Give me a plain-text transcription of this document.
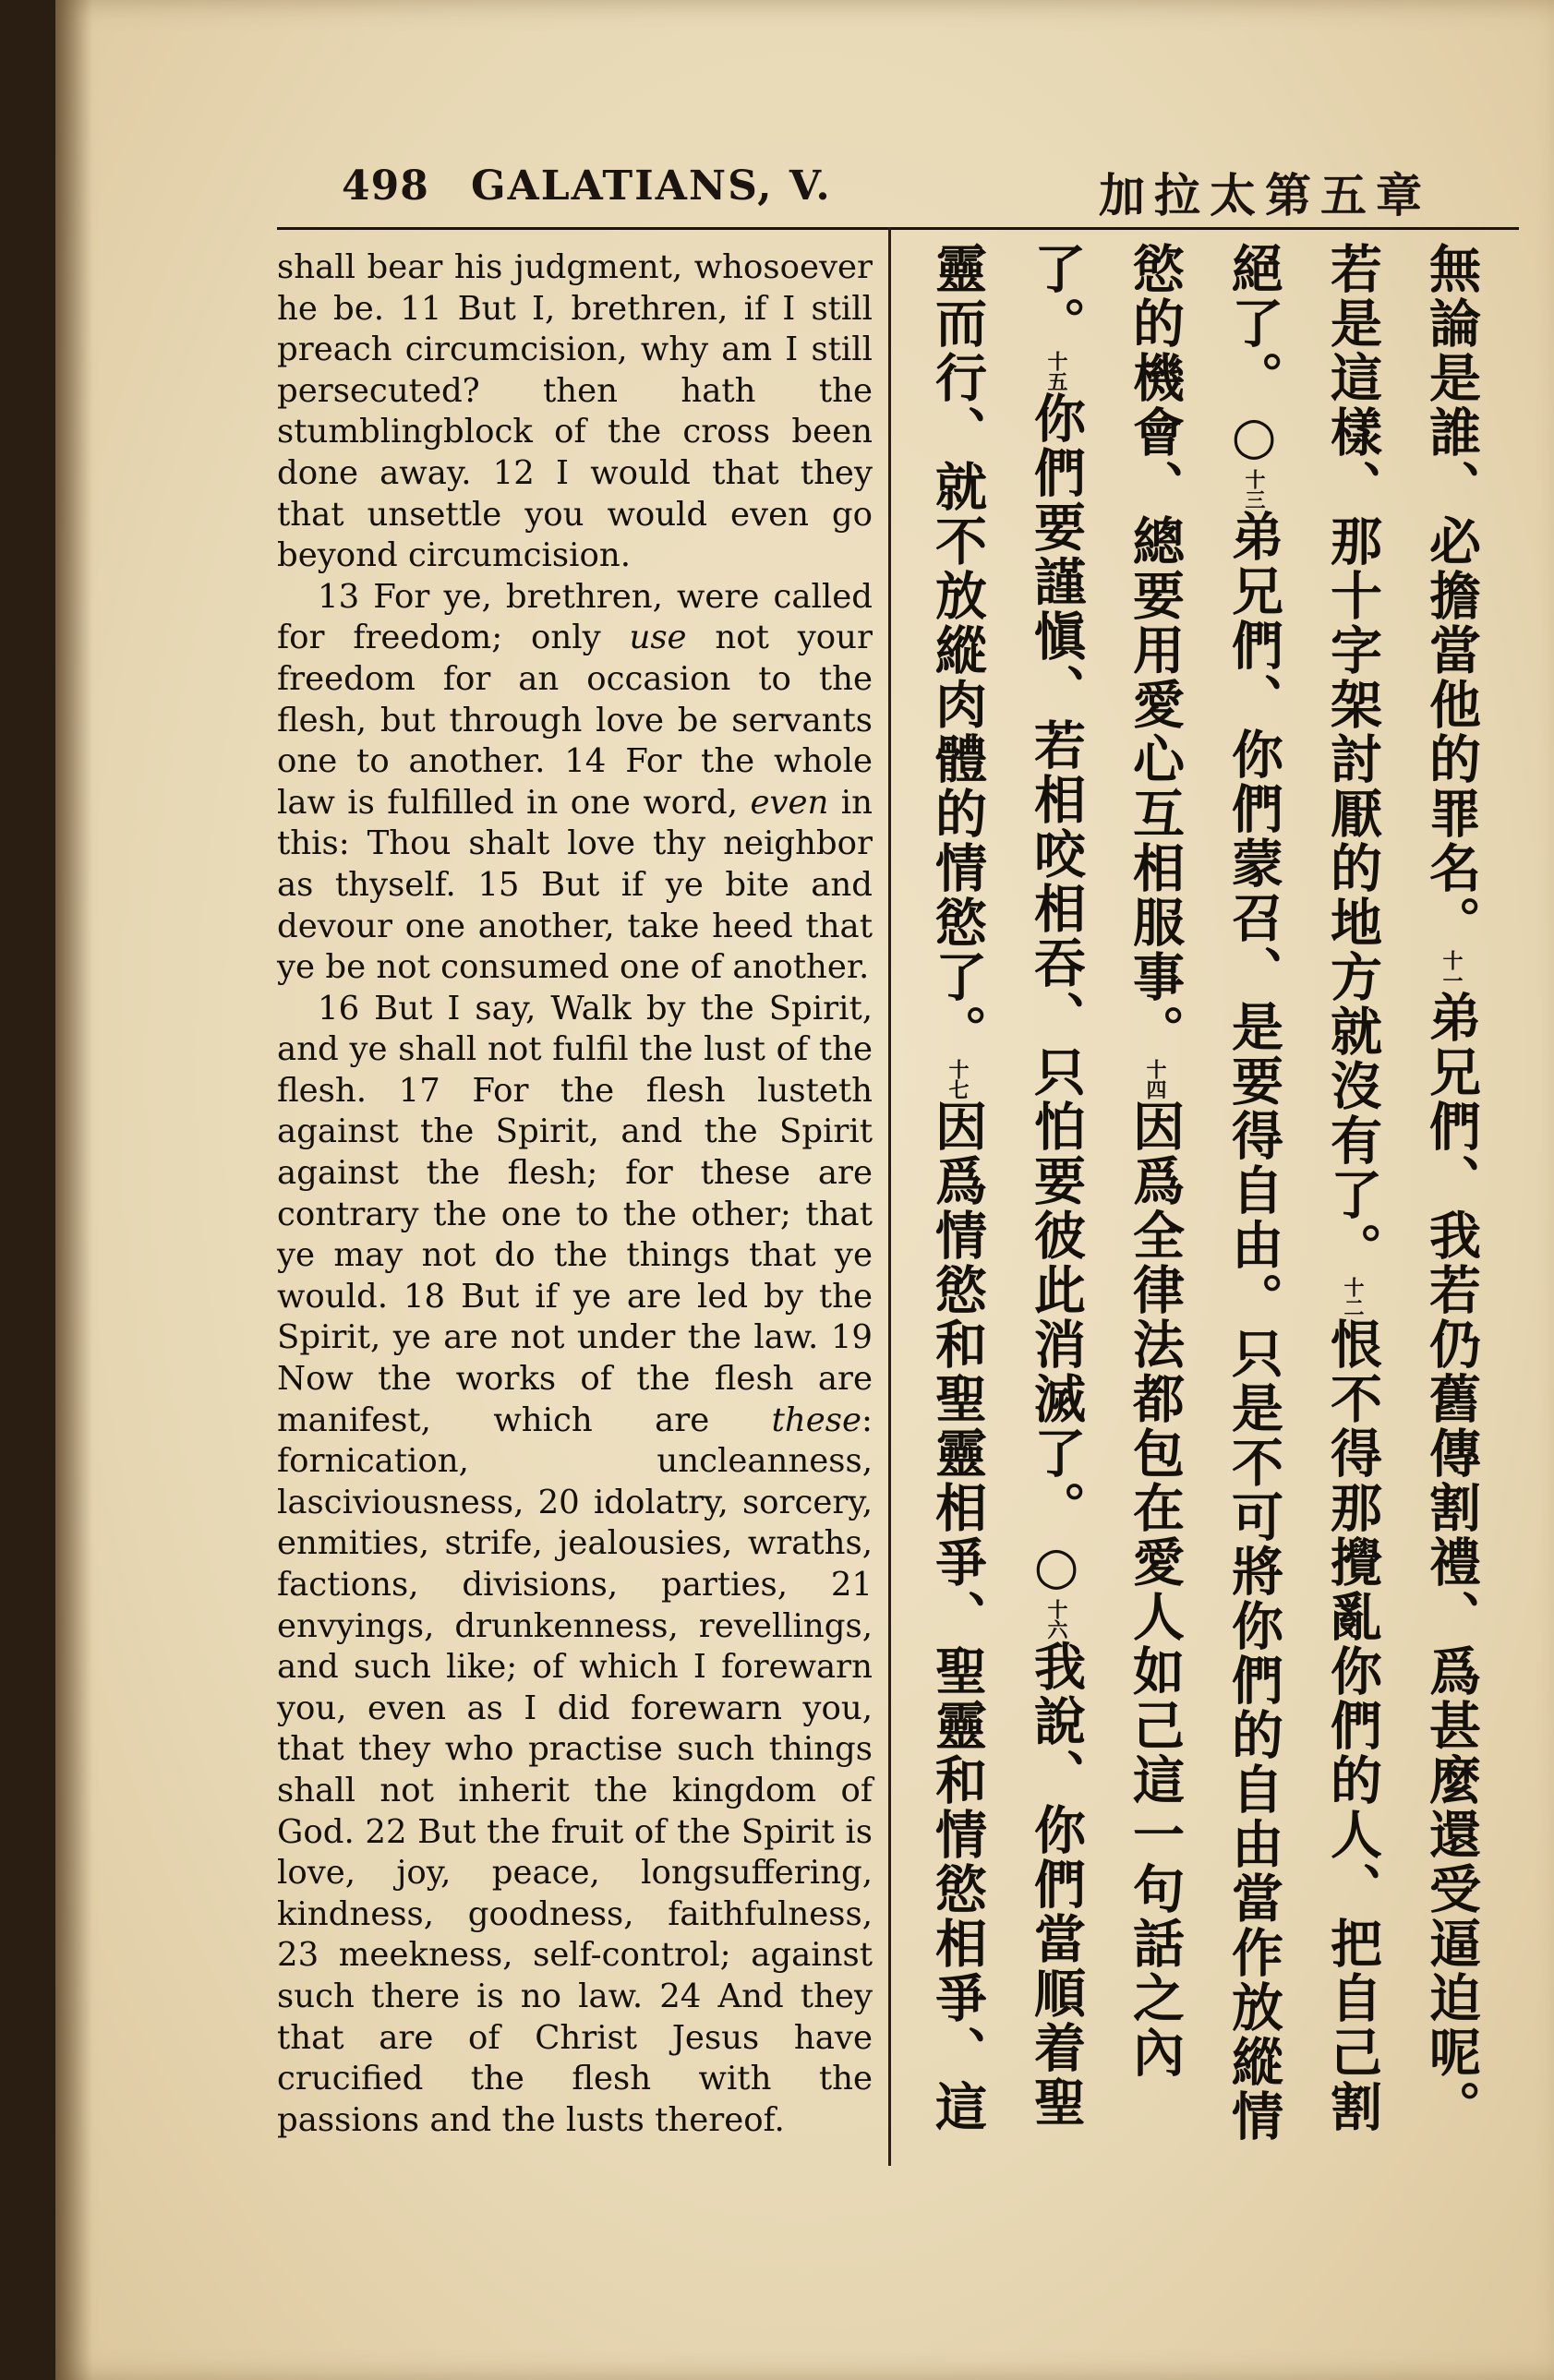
498 GALATIANS, V.	加拉太第五章

shall bear his judgment, whosoever he be. 11 But I, brethren, if I still preach circumcision, why am I still persecuted? then hath the stumblingblock of the cross been done away. 12 I would that they that unsettle you would even go beyond circumcision.

13 For ye, brethren, were called for freedom; only use not your freedom for an occasion to the flesh, but through love be servants one to another. 14 For the whole law is fulfilled in one word, even in this: Thou shalt love thy neighbor as thyself. 15 But if ye bite and devour one another, take heed that ye be not consumed one of another.

16 But I say, Walk by the Spirit, and ye shall not fulfil the lust of the flesh. 17 For the flesh lusteth against the Spirit, and the Spirit against the flesh; for these are contrary the one to the other; that ye may not do the things that ye would. 18 But if ye are led by the Spirit, ye are not under the law. 19 Now the works of the flesh are manifest, which are these: fornication, uncleanness, lasciviousness, 20 idolatry, sorcery, enmities, strife, jealousies, wraths, factions, divisions, parties, 21 envyings, drunkenness, revellings, and such like; of which I forewarn you, even as I did forewarn you, that they who practise such things shall not inherit the kingdom of God. 22 But the fruit of the Spirit is love, joy, peace, longsuffering, kindness, goodness, faithfulness, 23 meekness, self-control; against such there is no law. 24 And they that are of Christ Jesus have crucified the flesh with the passions and the lusts thereof.

無論是誰、必擔當他的罪名。十一弟兄們、我若仍舊傳割禮、爲甚麼還受逼迫呢。若是這樣、那十字架討厭的地方就沒有了。十二恨不得那攪亂你們的人、把自己割絕了。○十三弟兄們、你們蒙召、是要得自由。只是不可將你們的自由當作放縱情慾的機會、總要用愛心互相服事。十四因爲全律法都包在愛人如己這一句話之內了。十五你們要謹愼、若相咬相吞、只怕要彼此消滅了。○十六我說、你們當順着聖靈而行、就不放縱肉體的情慾了。十七因爲情慾和聖靈相爭、聖靈和情慾相爭、這
